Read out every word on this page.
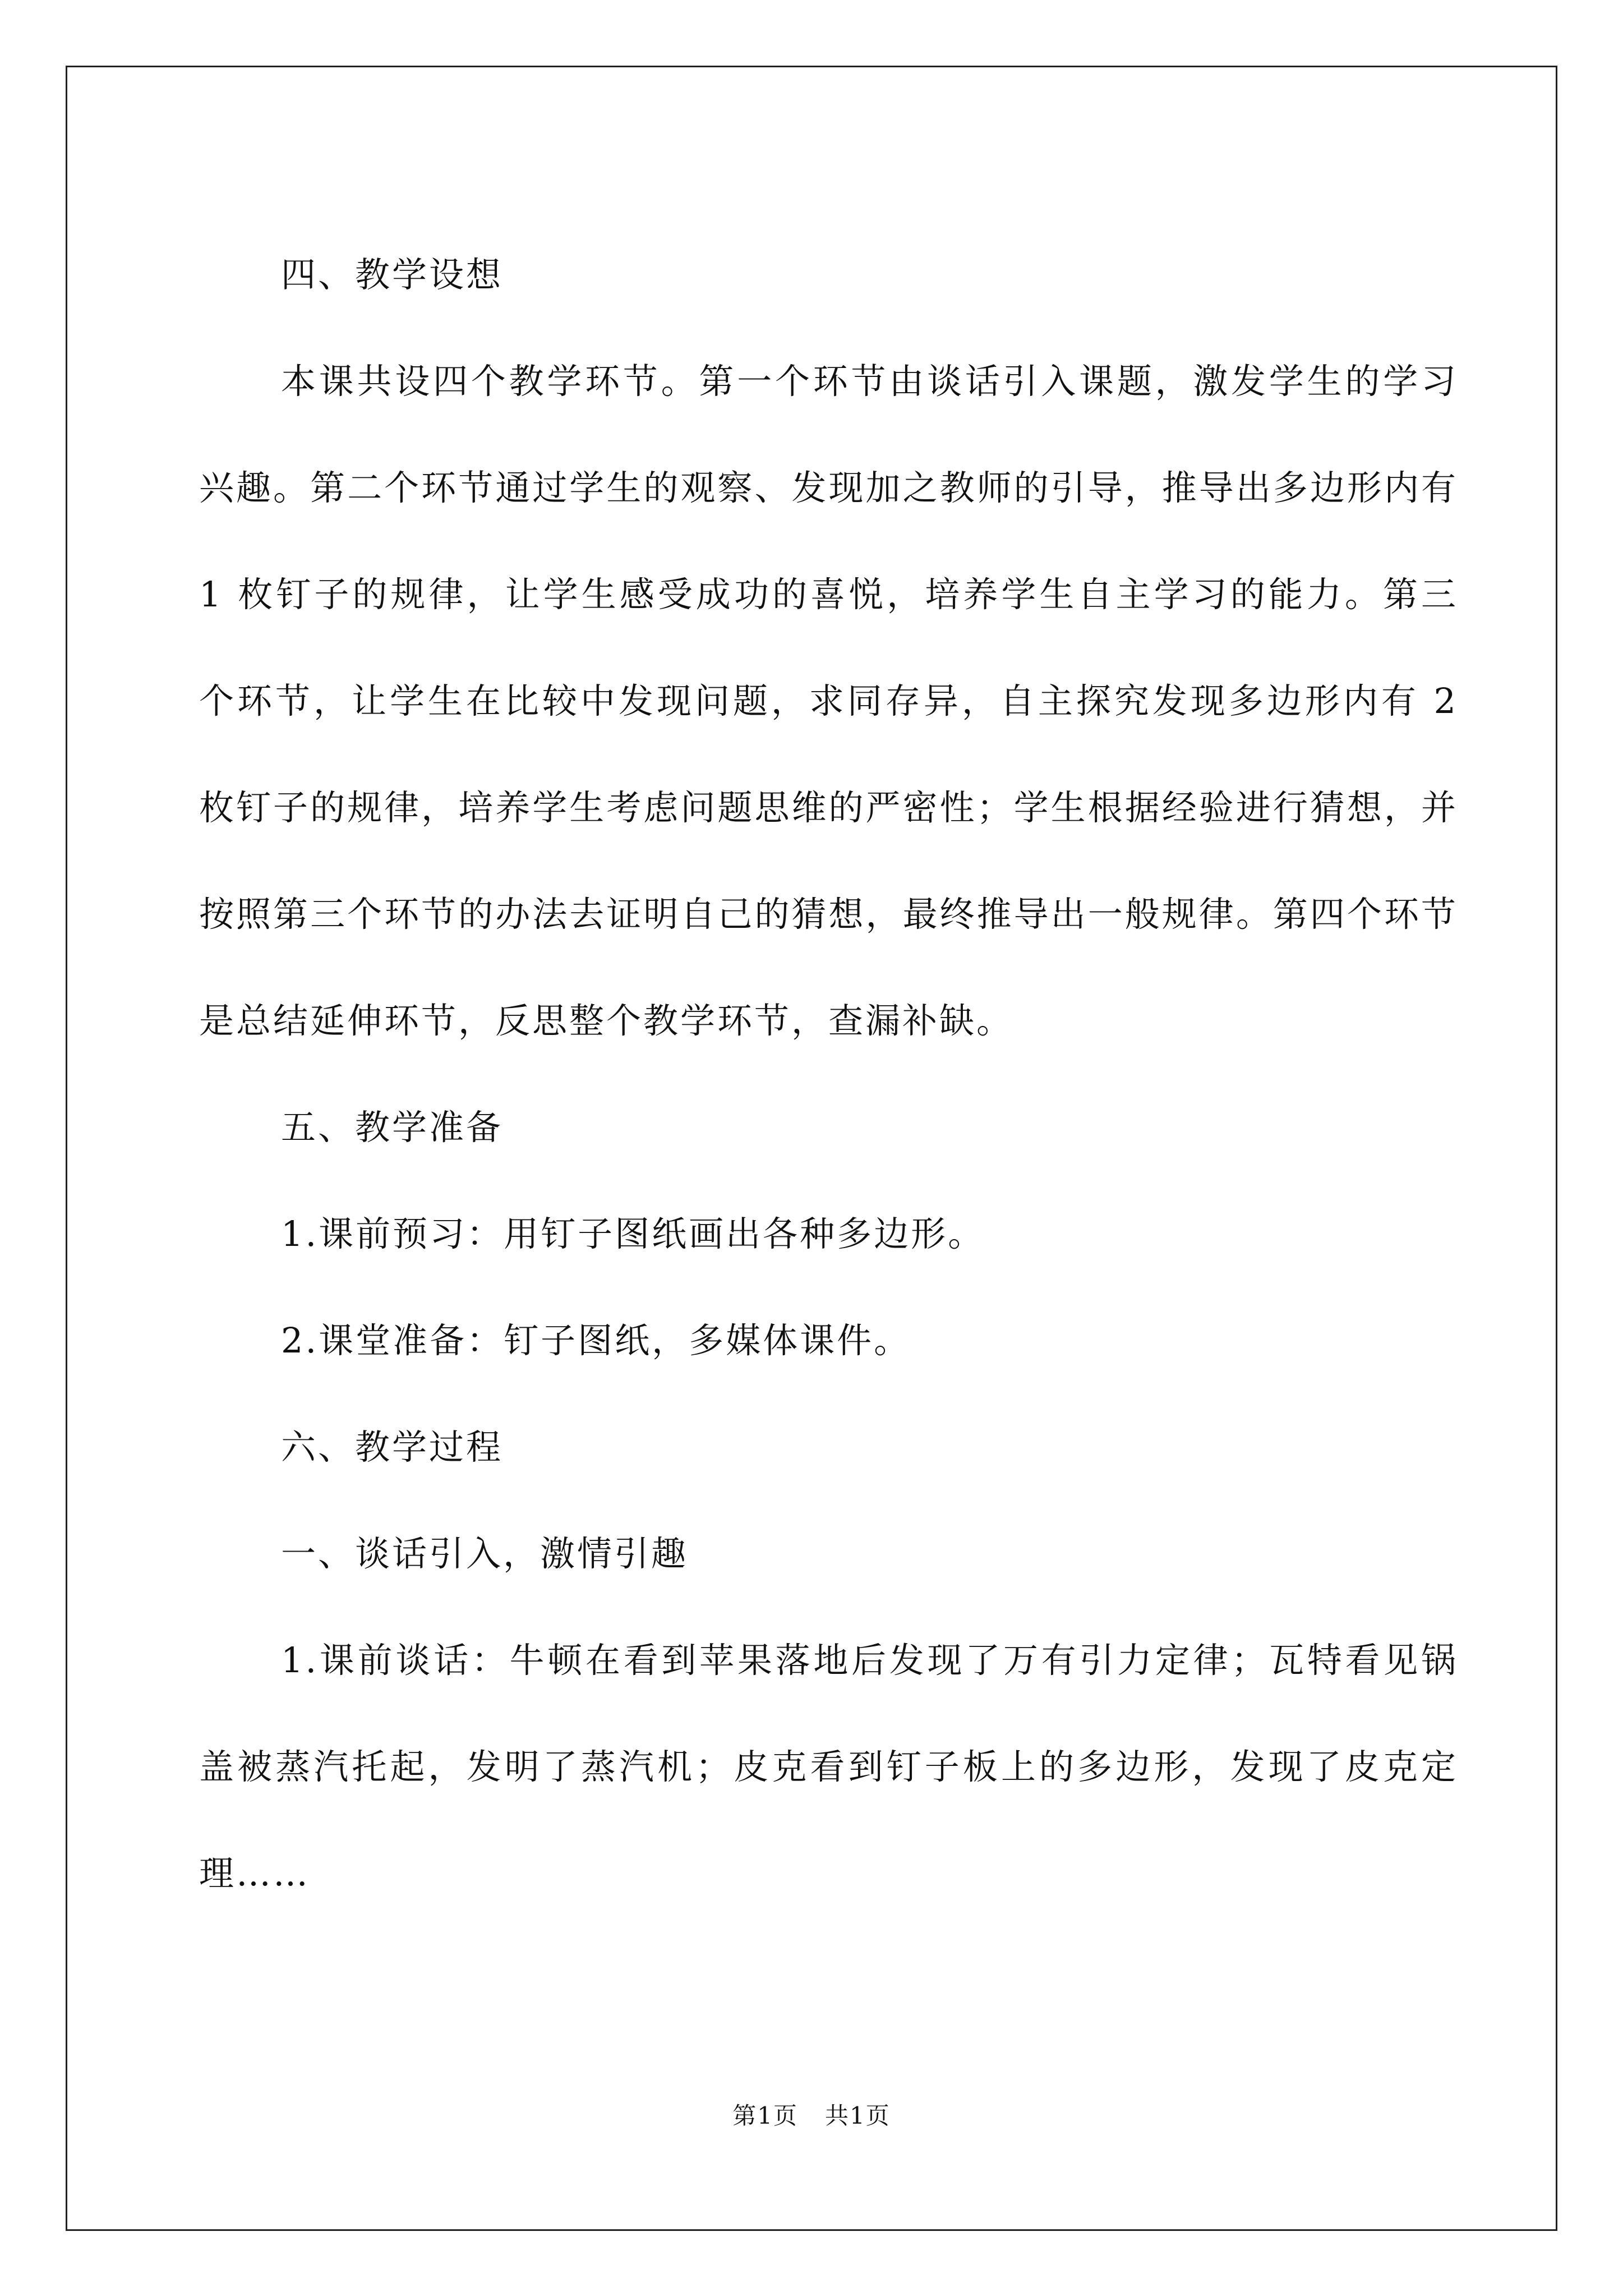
四、教学设想

本课共设四个教学环节。第一个环节由谈话引入课题，激发学生的学习兴趣。第二个环节通过学生的观察、发现加之教师的引导，推导出多边形内有 1 枚钉子的规律，让学生感受成功的喜悦，培养学生自主学习的能力。第三个环节，让学生在比较中发现问题，求同存异，自主探究发现多边形内有 2 枚钉子的规律，培养学生考虑问题思维的严密性；学生根据经验进行猜想，并按照第三个环节的办法去证明自己的猜想，最终推导出一般规律。第四个环节是总结延伸环节，反思整个教学环节，查漏补缺。

五、教学准备

1.课前预习：用钉子图纸画出各种多边形。

2.课堂准备：钉子图纸，多媒体课件。

六、教学过程

一、谈话引入，激情引趣

1.课前谈话：牛顿在看到苹果落地后发现了万有引力定律；瓦特看见锅盖被蒸汽托起，发明了蒸汽机；皮克看到钉子板上的多边形，发现了皮克定理……

第1页 共1页
